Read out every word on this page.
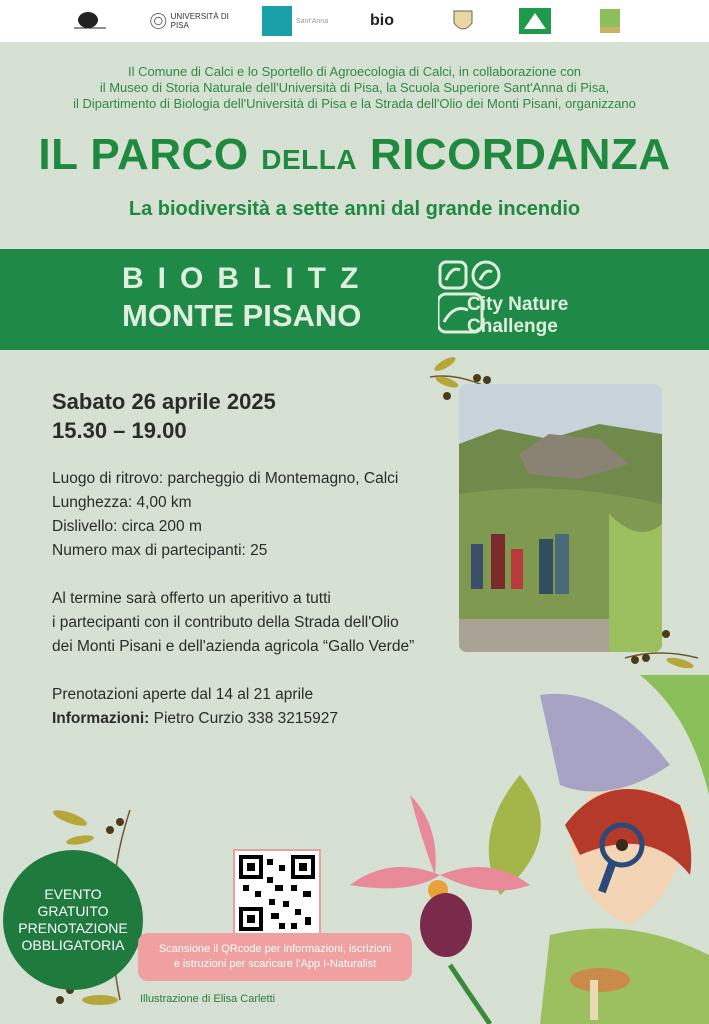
UNIVERSITÀ DI PISA	Sant'Anna	bio
Il Comune di Calci e lo Sportello di Agroecologia di Calci, in collaborazione con
il Museo di Storia Naturale dell'Università di Pisa, la Scuola Superiore Sant'Anna di Pisa,
il Dipartimento di Biologia dell'Università di Pisa e la Strada dell'Olio dei Monti Pisani, organizzano
IL PARCO DELLA RICORDANZA
La biodiversità a sette anni dal grande incendio
BIOBLITZ
MONTE PISANO	City Nature
Challenge
Sabato 26 aprile 2025
15.30 – 19.00

Luogo di ritrovo: parcheggio di Montemagno, Calci

Lunghezza: 4,00 km

Dislivello: circa 200 m

Numero max di partecipanti: 25

Al termine sarà offerto un aperitivo a tutti

i partecipanti con il contributo della Strada dell'Olio

dei Monti Pisani e dell'azienda agricola “Gallo Verde”

Prenotazioni aperte dal 14 al 21 aprile

Informazioni: Pietro Curzio 338 3215927

EVENTO
GRATUITO
PRENOTAZIONE
OBBLIGATORIA	Scansione il QRcode per informazioni, iscrizioni
e istruzioni per scaricare l'App I-Naturalist
Illustrazione di Elisa Carletti
